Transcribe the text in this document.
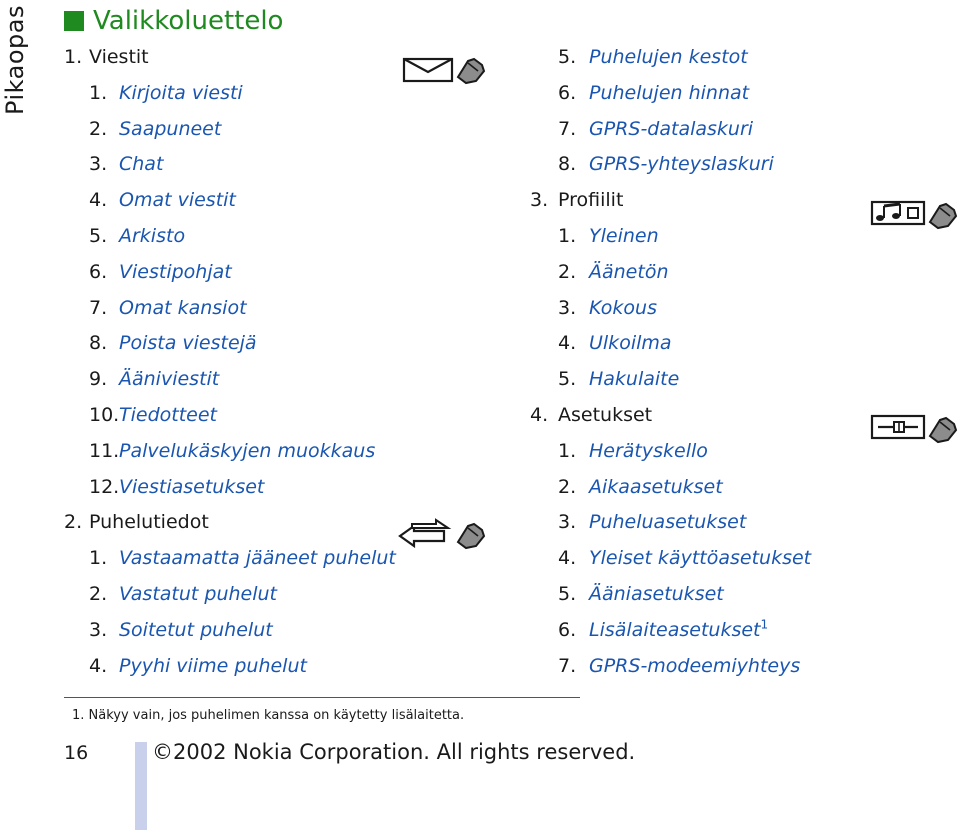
Pikaopas Valikkoluettelo
1. Viestit
1. Kirjoita viesti
2. Saapuneet
3. Chat
4. Omat viestit
5. Arkisto
6. Viestipohjat
7. Omat kansiot
8. Poista viestejä
9. Ääniviestit
10.Tiedotteet
11.Palvelukäskyjen muokkaus
12.Viestiasetukset
2. Puhelutiedot
1. Vastaamatta jääneet puhelut
2. Vastatut puhelut
3. Soitetut puhelut
4. Pyyhi viime puhelut
5. Puhelujen kestot
6. Puhelujen hinnat
7. GPRS-datalaskuri
8. GPRS-yhteyslaskuri
3. Profiilit
1. Yleinen
2. Äänetön
3. Kokous
4. Ulkoilma
5. Hakulaite
4. Asetukset
1. Herätyskello
2. Aikaasetukset
3. Puheluasetukset
4. Yleiset käyttöasetukset
5. Ääniasetukset
6. Lisälaiteasetukset$^1$
7. GPRS-modeemiyhteys
1. Näkyy vain, jos puhelimen kanssa on käytetty lisälaitetta.
16	©2002 Nokia Corporation. All rights reserved.
